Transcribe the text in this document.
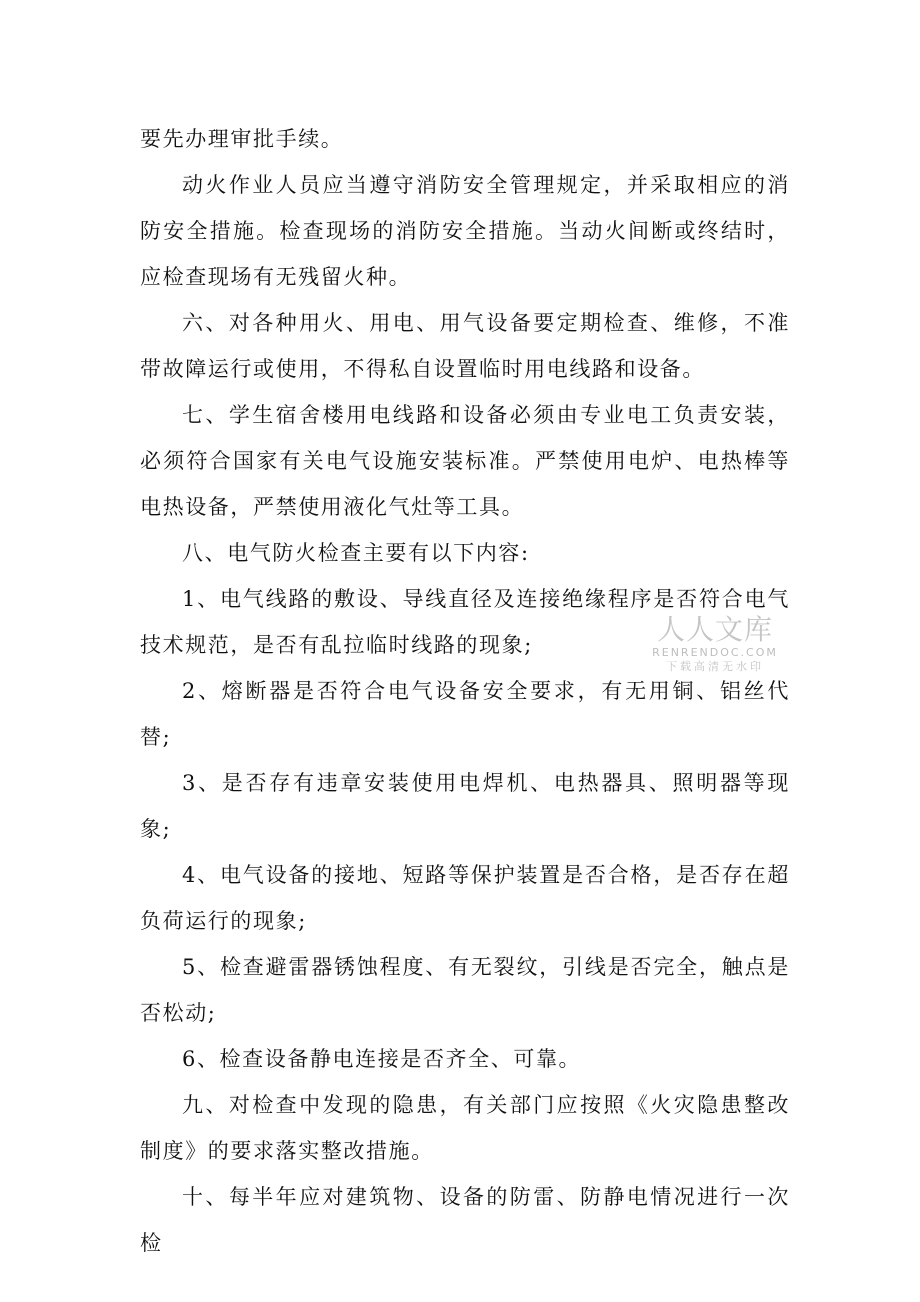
要先办理审批手续。

动火作业人员应当遵守消防安全管理规定，并采取相应的消防安全措施。检查现场的消防安全措施。当动火间断或终结时，应检查现场有无残留火种。

六、对各种用火、用电、用气设备要定期检查、维修，不准带故障运行或使用，不得私自设置临时用电线路和设备。

七、学生宿舍楼用电线路和设备必须由专业电工负责安装，必须符合国家有关电气设施安装标准。严禁使用电炉、电热棒等电热设备，严禁使用液化气灶等工具。

八、电气防火检查主要有以下内容:

1、电气线路的敷设、导线直径及连接绝缘程序是否符合电气技术规范，是否有乱拉临时线路的现象;

2、熔断器是否符合电气设备安全要求，有无用铜、铝丝代替;

3、是否存有违章安装使用电焊机、电热器具、照明器等现象;

4、电气设备的接地、短路等保护装置是否合格，是否存在超负荷运行的现象;

5、检查避雷器锈蚀程度、有无裂纹，引线是否完全，触点是否松动;

6、检查设备静电连接是否齐全、可靠。

九、对检查中发现的隐患，有关部门应按照《火灾隐患整改制度》的要求落实整改措施。

十、每半年应对建筑物、设备的防雷、防静电情况进行一次检

人人文库
RENRENDOC.COM
下载高清无水印
